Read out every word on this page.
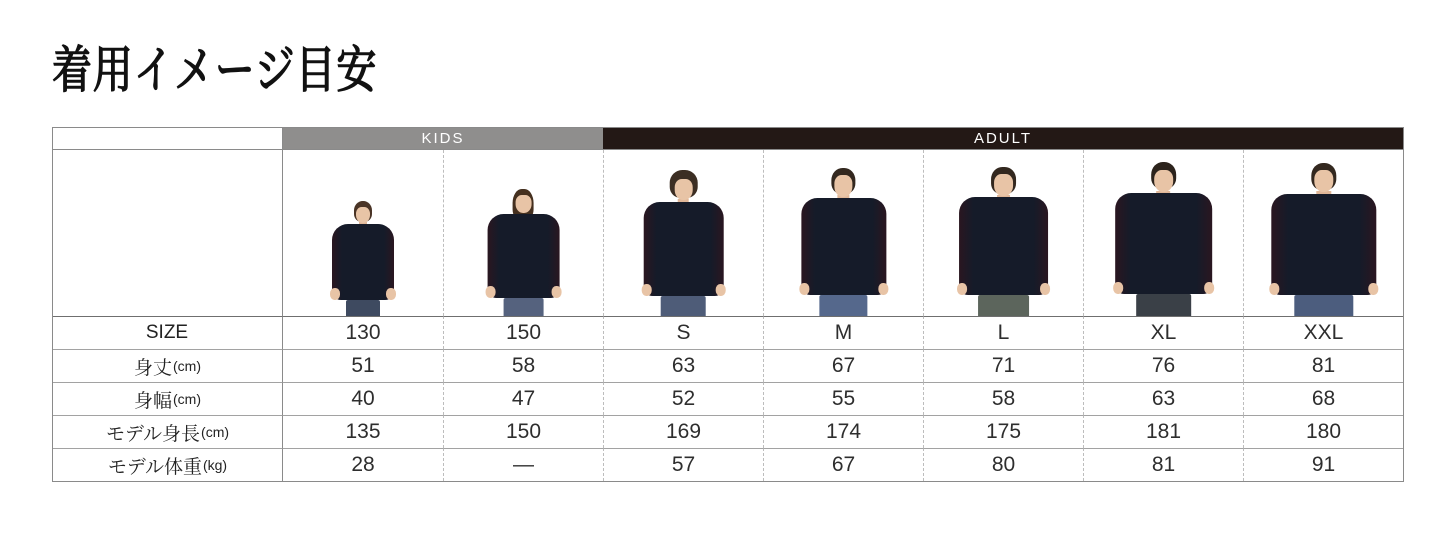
着用イメージ目安
KIDS	ADULT
SIZE	130	150	S	M	L	XL	XXL
身丈 (cm)	51	58	63	67	71	76	81
身幅 (cm)	40	47	52	55	58	63	68
モデル身長 (cm)	135	150	169	174	175	181	180
モデル体重 (kg)	28	—	57	67	80	81	91
